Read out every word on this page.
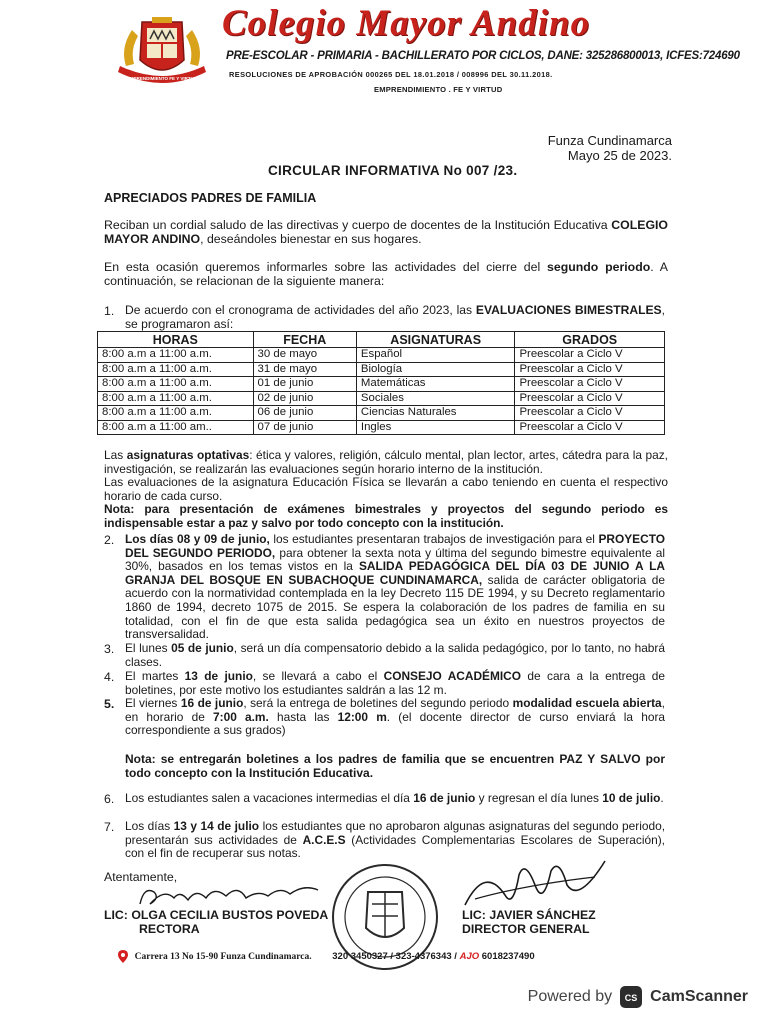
EMPRENDIMIENTO FE Y VIRTUD
Colegio Mayor Andino
PRE-ESCOLAR - PRIMARIA - BACHILLERATO POR CICLOS, DANE: 325286800013, ICFES:724690
RESOLUCIONES DE APROBACIÓN 000265 DEL 18.01.2018 / 008996 DEL 30.11.2018.
EMPRENDIMIENTO . FE Y VIRTUD
Funza Cundinamarca
Mayo 25 de 2023.
CIRCULAR INFORMATIVA No 007 /23.
APRECIADOS PADRES DE FAMILIA
Reciban un cordial saludo de las directivas y cuerpo de docentes de la Institución Educativa COLEGIO MAYOR ANDINO, deseándoles bienestar en sus hogares.
En esta ocasión queremos informarles sobre las actividades del cierre del segundo periodo. A continuación, se relacionan de la siguiente manera:
1. De acuerdo con el cronograma de actividades del año 2023, las EVALUACIONES BIMESTRALES, se programaron así:
HORAS	FECHA	ASIGNATURAS	GRADOS
8:00 a.m a 11:00 a.m.	30 de mayo	Español	Preescolar a Ciclo V
8:00 a.m a 11:00 a.m.	31 de mayo	Biología	Preescolar a Ciclo V
8:00 a.m a 11:00 a.m.	01 de junio	Matemáticas	Preescolar a Ciclo V
8:00 a.m a 11:00 a.m.	02 de junio	Sociales	Preescolar a Ciclo V
8:00 a.m a 11:00 a.m.	06 de junio	Ciencias Naturales	Preescolar a Ciclo V
8:00 a.m a 11:00 am..	07 de junio	Ingles	Preescolar a Ciclo V
Las asignaturas optativas: ética y valores, religión, cálculo mental, plan lector, artes, cátedra para la paz, investigación, se realizarán las evaluaciones según horario interno de la institución.
Las evaluaciones de la asignatura Educación Física se llevarán a cabo teniendo en cuenta el respectivo horario de cada curso.
Nota: para presentación de exámenes bimestrales y proyectos del segundo periodo es indispensable estar a paz y salvo por todo concepto con la institución.
2. Los días 08 y 09 de junio, los estudiantes presentaran trabajos de investigación para el PROYECTO DEL SEGUNDO PERIODO, para obtener la sexta nota y última del segundo bimestre equivalente al 30%, basados en los temas vistos en la SALIDA PEDAGÓGICA DEL DÍA 03 DE JUNIO A LA GRANJA DEL BOSQUE EN SUBACHOQUE CUNDINAMARCA, salida de carácter obligatoria de acuerdo con la normatividad contemplada en la ley Decreto 115 DE 1994, y su Decreto reglamentario 1860 de 1994, decreto 1075 de 2015. Se espera la colaboración de los padres de familia en su totalidad, con el fin de que esta salida pedagógica sea un éxito en nuestros proyectos de transversalidad.
3. El lunes 05 de junio, será un día compensatorio debido a la salida pedagógico, por lo tanto, no habrá clases.
4. El martes 13 de junio, se llevará a cabo el CONSEJO ACADÉMICO de cara a la entrega de boletines, por este motivo los estudiantes saldrán a las 12 m.
5. El viernes 16 de junio, será la entrega de boletines del segundo periodo modalidad escuela abierta, en horario de 7:00 a.m. hasta las 12:00 m. (el docente director de curso enviará la hora correspondiente a sus grados)
Nota: se entregarán boletines a los padres de familia que se encuentren PAZ Y SALVO por todo concepto con la Institución Educativa.
6. Los estudiantes salen a vacaciones intermedias el día 16 de junio y regresan el día lunes 10 de julio.
7. Los días 13 y 14 de julio los estudiantes que no aprobaron algunas asignaturas del segundo periodo, presentarán sus actividades de A.C.E.S (Actividades Complementarias Escolares de Superación), con el fin de recuperar sus notas.
Atentamente,
LIC: OLGA CECILIA BUSTOS POVEDA
RECTORA
LIC: JAVIER SÁNCHEZ
DIRECTOR GENERAL
Carrera 13 No 15-90 Funza Cundinamarca. 320 3450327 / 323-4376343 / AJO 6018237490
Powered by CS CamScanner
